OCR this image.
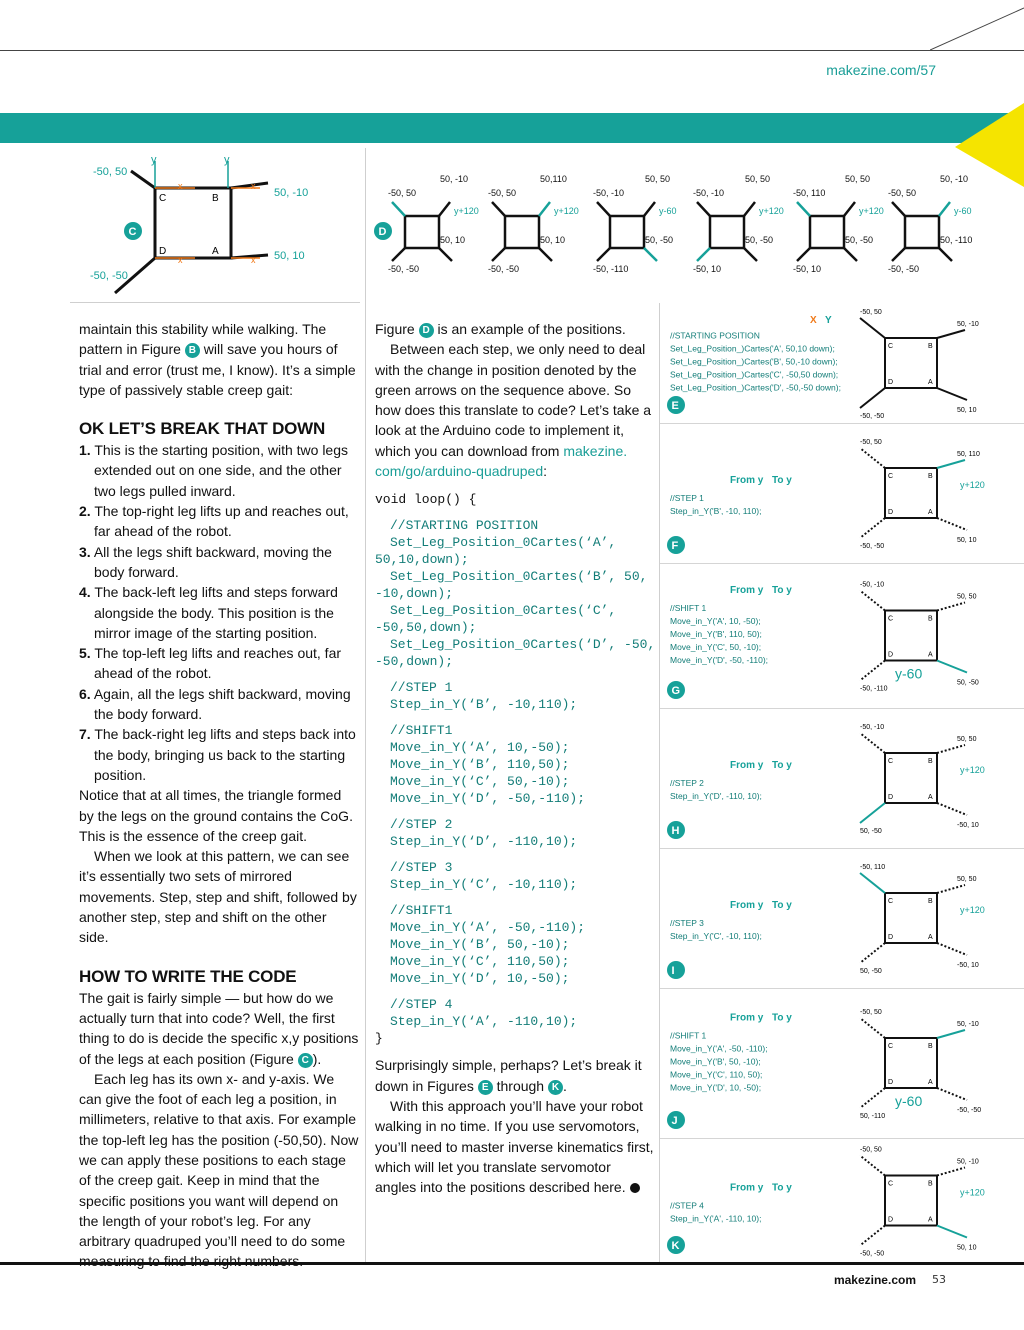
makezine.com/57
y	y
x	x
x	x
-50, 50
50, -10
50, 10
-50, -50
C	B
D	A
C	D
-50, 50
50, -10
50, 10
-50, -50
y+120
-50, 50
50,110
50, 10
-50, -50
y+120
-50, -10
50, 50
50, -50
-50, -110
y-60
-50, -10
50, 50
50, -50
-50, 10
y+120
-50, 110
50, 50
50, -50
-50, 10
y+120
-50, 50
50, -10
50, -110
-50, -50
y-60

maintain this stability while walking. The pattern in Figure B will save you hours of trial and error (trust me, I know). It’s a simple type of passively stable creep gait:

OK LET’S BREAK THAT DOWN
1. This is the starting position, with two legs extended out on one side, and the other two legs pulled inward.
2. The top-right leg lifts up and reaches out, far ahead of the robot.
3. All the legs shift backward, moving the body forward.
4. The back-left leg lifts and steps forward alongside the body. This position is the mirror image of the starting position.
5. The top-left leg lifts and reaches out, far ahead of the robot.
6. Again, all the legs shift backward, moving the body forward.
7. The back-right leg lifts and steps back into the body, bringing us back to the starting position.

Notice that at all times, the triangle formed by the legs on the ground contains the CoG. This is the essence of the creep gait.

When we look at this pattern, we can see it’s essentially two sets of mirrored movements. Step, step and shift, followed by another step, step and shift on the other side.

HOW TO WRITE THE CODE

The gait is fairly simple — but how do we actually turn that into code? Well, the first thing to do is decide the specific x,y positions of the legs at each position (Figure C ).

Each leg has its own x- and y-axis. We can give the foot of each leg a position, in millimeters, relative to that axis. For example the top-left leg has the position (-50,50). Now we can apply these positions to each stage of the creep gait. Keep in mind that the specific positions you want will depend on the length of your robot’s leg. For any arbitrary quadruped you’ll need to do some

Figure D is an example of the positions.

Between each step, we only need to deal with the change in position denoted by the green arrows on the sequence above. So how does this translate to code? Let’s take a look at the Arduino code to implement it, which you can download from makezine. com/go/arduino-quadruped:

void loop() {
//STARTING POSITION
Set_Leg_Position_0Cartes(‘A’,
50,10,down);
Set_Leg_Position_0Cartes(‘B’, 50,
-10,down);
Set_Leg_Position_0Cartes(‘C’,
-50,50,down);
Set_Leg_Position_0Cartes(‘D’, -50,
-50,down);
//STEP 1
Step_in_Y(‘B’, -10,110);
//SHIFT1
Move_in_Y(‘A’, 10,-50);
Move_in_Y(‘B’, 110,50);
Move_in_Y(‘C’, 50,-10);
Move_in_Y(‘D’, -50,-110);
//STEP 2
Step_in_Y(‘D’, -110,10);
//STEP 3
Step_in_Y(‘C’, -10,110);
//SHIFT1
Move_in_Y(‘A’, -50,-110);
Move_in_Y(‘B’, 50,-10);
Move_in_Y(‘C’, 110,50);
Move_in_Y(‘D’, 10,-50);
//STEP 4
Step_in_Y(‘A’, -110,10);
}

Surprisingly simple, perhaps? Let’s break it down in Figures E through K .

With this approach you’ll have your robot walking in no time. If you use servomotors, you’ll need to master inverse kinematics first, which will let you translate servomotor angles into the positions described here.

//STARTING POSITION
Set_Leg_Position_)Cartes('A', 50,10 down);
Set_Leg_Position_)Cartes('B', 50,-10 down);
Set_Leg_Position_)Cartes('C', -50,50 down);
Set_Leg_Position_)Cartes('D', -50,-50 down);
X Y
E
C	B
D	A
-50, 50
50, -10
50, 10
-50, -50
//STEP 1
Step_in_Y('B', -10, 110);
From y To y
F
C	B
D	A
-50, 50
50, 110
50, 10
-50, -50
y+120
//SHIFT 1
Move_in_Y('A', 10, -50);
Move_in_Y('B', 110, 50);
Move_in_Y('C', 50, -10);
Move_in_Y('D', -50, -110);
From y To y
G
C	B
D	A
-50, -10
50, 50
50, -50
-50, -110
y-60
//STEP 2
Step_in_Y('D', -110, 10);
From y To y
H
C	B
D	A
-50, -10
50, 50
-50, 10
50, -50
y+120
//STEP 3
Step_in_Y('C', -10, 110);
From y To y
I
C	B
D	A
-50, 110
50, 50
-50, 10
50, -50
y+120
//SHIFT 1
Move_in_Y('A', -50, -110);
Move_in_Y('B', 50, -10);
Move_in_Y('C', 110, 50);
Move_in_Y('D', 10, -50);
From y To y
J
C	B
D	A
-50, 50
50, -10
-50, -50
50, -110
y-60
//STEP 4
Step_in_Y('A', -110, 10);
From y To y
K
C	B
D	A
-50, 50
50, -10
50, 10
-50, -50
y+120
makezine.com 53
